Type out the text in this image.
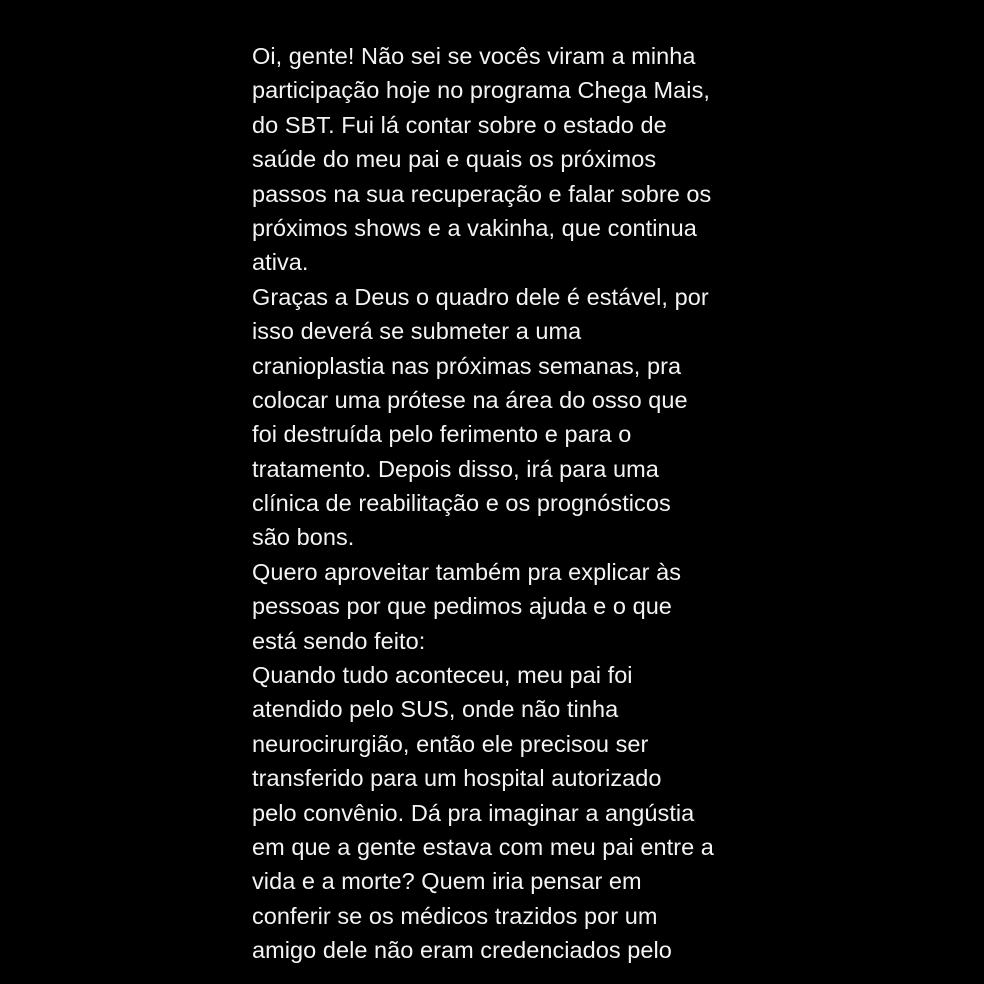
Oi, gente! Não sei se vocês viram a minha
participação hoje no programa Chega Mais,
do SBT. Fui lá contar sobre o estado de
saúde do meu pai e quais os próximos
passos na sua recuperação e falar sobre os
próximos shows e a vakinha, que continua
ativa.
Graças a Deus o quadro dele é estável, por
isso deverá se submeter a uma
cranioplastia nas próximas semanas, pra
colocar uma prótese na área do osso que
foi destruída pelo ferimento e para o
tratamento. Depois disso, irá para uma
clínica de reabilitação e os prognósticos
são bons.
Quero aproveitar também pra explicar às
pessoas por que pedimos ajuda e o que
está sendo feito:
Quando tudo aconteceu, meu pai foi
atendido pelo SUS, onde não tinha
neurocirurgião, então ele precisou ser
transferido para um hospital autorizado
pelo convênio. Dá pra imaginar a angústia
em que a gente estava com meu pai entre a
vida e a morte? Quem iria pensar em
conferir se os médicos trazidos por um
amigo dele não eram credenciados pelo
